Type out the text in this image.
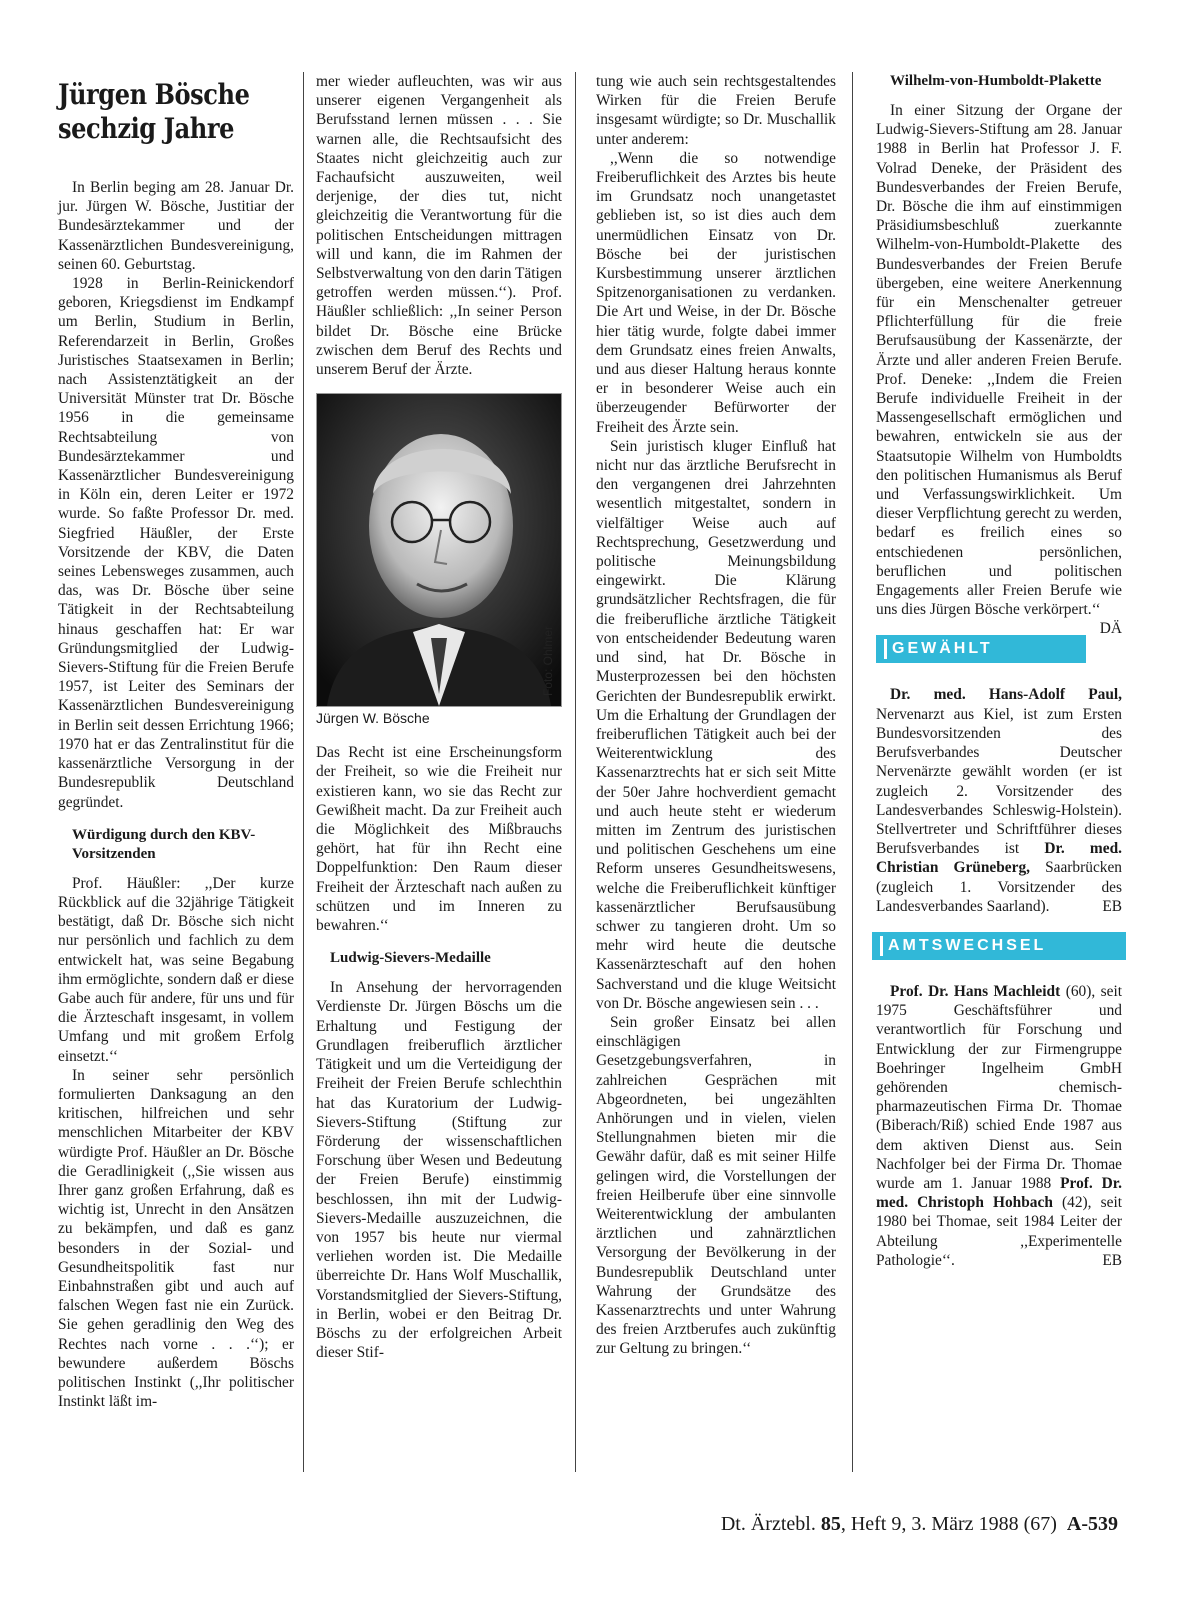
Jürgen Bösche sechzig Jahre

In Berlin beging am 28. Januar Dr. jur. Jürgen W. Bösche, Justitiar der Bundesärztekammer und der Kassenärztlichen Bundesvereinigung, seinen 60. Geburtstag.

1928 in Berlin-Reinickendorf geboren, Kriegsdienst im Endkampf um Berlin, Studium in Berlin, Referendarzeit in Berlin, Großes Juristisches Staatsexamen in Berlin; nach Assistenztätigkeit an der Universität Münster trat Dr. Bösche 1956 in die gemeinsame Rechtsabteilung von Bundesärztekammer und Kassenärztlicher Bundesvereinigung in Köln ein, deren Leiter er 1972 wurde. So faßte Professor Dr. med. Siegfried Häußler, der Erste Vorsitzende der KBV, die Daten seines Lebensweges zusammen, auch das, was Dr. Bösche über seine Tätigkeit in der Rechtsabteilung hinaus geschaffen hat: Er war Gründungsmitglied der Ludwig-Sievers-Stiftung für die Freien Berufe 1957, ist Leiter des Seminars der Kassenärztlichen Bundesvereinigung in Berlin seit dessen Errichtung 1966; 1970 hat er das Zentralinstitut für die kassenärztliche Versorgung in der Bundesrepublik Deutschland gegründet.

Würdigung durch den KBV-Vorsitzenden

Prof. Häußler: ,,Der kurze Rückblick auf die 32jährige Tätigkeit bestätigt, daß Dr. Bösche sich nicht nur persönlich und fachlich zu dem entwickelt hat, was seine Begabung ihm ermöglichte, sondern daß er diese Gabe auch für andere, für uns und für die Ärzteschaft insgesamt, in vollem Umfang und mit großem Erfolg einsetzt.‘‘

In seiner sehr persönlich formulierten Danksagung an den kritischen, hilfreichen und sehr menschlichen Mitarbeiter der KBV würdigte Prof. Häußler an Dr. Bösche die Geradlinigkeit (,,Sie wissen aus Ihrer ganz großen Erfahrung, daß es wichtig ist, Unrecht in den Ansätzen zu bekämpfen, und daß es ganz besonders in der Sozial- und Gesundheitspolitik fast nur Einbahnstraßen gibt und auch auf falschen Wegen fast nie ein Zurück. Sie gehen geradlinig den Weg des Rechtes nach vorne . . .‘‘); er bewundere außerdem Böschs politischen Instinkt (,,Ihr politischer Instinkt läßt im-

mer wieder aufleuchten, was wir aus unserer eigenen Vergangenheit als Berufsstand lernen müssen . . . Sie warnen alle, die Rechtsaufsicht des Staates nicht gleichzeitig auch zur Fachaufsicht auszuweiten, weil derjenige, der dies tut, nicht gleichzeitig die Verantwortung für die politischen Entscheidungen mittragen will und kann, die im Rahmen der Selbstverwaltung von den darin Tätigen getroffen werden müssen.‘‘). Prof. Häußler schließlich: ,,In seiner Person bildet Dr. Bösche eine Brücke zwischen dem Beruf des Rechts und unserem Beruf der Ärzte.

Foto: Ohlmer
Jürgen W. Bösche

Das Recht ist eine Erscheinungsform der Freiheit, so wie die Freiheit nur existieren kann, wo sie das Recht zur Gewißheit macht. Da zur Freiheit auch die Möglichkeit des Mißbrauchs gehört, hat für ihn Recht eine Doppelfunktion: Den Raum dieser Freiheit der Ärzteschaft nach außen zu schützen und im Inneren zu bewahren.‘‘

Ludwig-Sievers-Medaille

In Ansehung der hervorragenden Verdienste Dr. Jürgen Böschs um die Erhaltung und Festigung der Grundlagen freiberuflich ärztlicher Tätigkeit und um die Verteidigung der Freiheit der Freien Berufe schlechthin hat das Kuratorium der Ludwig-Sievers-Stiftung (Stiftung zur Förderung der wissenschaftlichen Forschung über Wesen und Bedeutung der Freien Berufe) einstimmig beschlossen, ihn mit der Ludwig-Sievers-Medaille auszuzeichnen, die von 1957 bis heute nur viermal verliehen worden ist. Die Medaille überreichte Dr. Hans Wolf Muschallik, Vorstandsmitglied der Sievers-Stiftung, in Berlin, wobei er den Beitrag Dr. Böschs zu der erfolgreichen Arbeit dieser Stif-

tung wie auch sein rechtsgestaltendes Wirken für die Freien Berufe insgesamt würdigte; so Dr. Muschallik unter anderem:

,,Wenn die so notwendige Freiberuflichkeit des Arztes bis heute im Grundsatz noch unangetastet geblieben ist, so ist dies auch dem unermüdlichen Einsatz von Dr. Bösche bei der juristischen Kursbestimmung unserer ärztlichen Spitzenorganisationen zu verdanken. Die Art und Weise, in der Dr. Bösche hier tätig wurde, folgte dabei immer dem Grundsatz eines freien Anwalts, und aus dieser Haltung heraus konnte er in besonderer Weise auch ein überzeugender Befürworter der Freiheit des Ärzte sein.

Sein juristisch kluger Einfluß hat nicht nur das ärztliche Berufsrecht in den vergangenen drei Jahrzehnten wesentlich mitgestaltet, sondern in vielfältiger Weise auch auf Rechtsprechung, Gesetzwerdung und politische Meinungsbildung eingewirkt. Die Klärung grundsätzlicher Rechtsfragen, die für die freiberufliche ärztliche Tätigkeit von entscheidender Bedeutung waren und sind, hat Dr. Bösche in Musterprozessen bei den höchsten Gerichten der Bundesrepublik erwirkt. Um die Erhaltung der Grundlagen der freiberuflichen Tätigkeit auch bei der Weiterentwicklung des Kassenarztrechts hat er sich seit Mitte der 50er Jahre hochverdient gemacht und auch heute steht er wiederum mitten im Zentrum des juristischen und politischen Geschehens um eine Reform unseres Gesundheitswesens, welche die Freiberuflichkeit künftiger kassenärztlicher Berufsausübung schwer zu tangieren droht. Um so mehr wird heute die deutsche Kassenärzteschaft auf den hohen Sachverstand und die kluge Weitsicht von Dr. Bösche angewiesen sein . . .

Sein großer Einsatz bei allen einschlägigen Gesetzgebungsverfahren, in zahlreichen Gesprächen mit Abgeordneten, bei ungezählten Anhörungen und in vielen, vielen Stellungnahmen bieten mir die Gewähr dafür, daß es mit seiner Hilfe gelingen wird, die Vorstellungen der freien Heilberufe über eine sinnvolle Weiterentwicklung der ambulanten ärztlichen und zahnärztlichen Versorgung der Bevölkerung in der Bundesrepublik Deutschland unter Wahrung der Grundsätze des Kassenarztrechts und unter Wahrung des freien Arztberufes auch zukünftig zur Geltung zu bringen.‘‘

Wilhelm-von-Humboldt-Plakette

In einer Sitzung der Organe der Ludwig-Sievers-Stiftung am 28. Januar 1988 in Berlin hat Professor J. F. Volrad Deneke, der Präsident des Bundesverbandes der Freien Berufe, Dr. Bösche die ihm auf einstimmigen Präsidiumsbeschluß zuerkannte Wilhelm-von-Humboldt-Plakette des Bundesverbandes der Freien Berufe übergeben, eine weitere Anerkennung für ein Menschenalter getreuer Pflichterfüllung für die freie Berufsausübung der Kassenärzte, der Ärzte und aller anderen Freien Berufe. Prof. Deneke: ,,Indem die Freien Berufe individuelle Freiheit in der Massengesellschaft ermöglichen und bewahren, entwickeln sie aus der Staatsutopie Wilhelm von Humboldts den politischen Humanismus als Beruf und Verfassungswirklichkeit. Um dieser Verpflichtung gerecht zu werden, bedarf es freilich eines so entschiedenen persönlichen, beruflichen und politischen Engagements aller Freien Berufe wie uns dies Jürgen Bösche verkörpert.‘‘
DÄ

GEWÄHLT

Dr. med. Hans-Adolf Paul, Nervenarzt aus Kiel, ist zum Ersten Bundesvorsitzenden des Berufsverbandes Deutscher Nervenärzte gewählt worden (er ist zugleich 2. Vorsitzender des Landesverbandes Schleswig-Holstein). Stellvertreter und Schriftführer dieses Berufsverbandes ist Dr. med. Christian Grüneberg, Saarbrücken (zugleich 1. Vorsitzender des Landesverbandes Saarland).	EB

AMTSWECHSEL

Prof. Dr. Hans Machleidt (60), seit 1975 Geschäftsführer und verantwortlich für Forschung und Entwicklung der zur Firmengruppe Boehringer Ingelheim GmbH gehörenden chemisch-pharmazeutischen Firma Dr. Thomae (Biberach/Riß) schied Ende 1987 aus dem aktiven Dienst aus. Sein Nachfolger bei der Firma Dr. Thomae wurde am 1. Januar 1988 Prof. Dr. med. Christoph Hohbach (42), seit 1980 bei Thomae, seit 1984 Leiter der Abteilung ,,Experimentelle Pathologie‘‘.	EB

Dt. Ärztebl. 85, Heft 9, 3. März 1988 (67) A-539
